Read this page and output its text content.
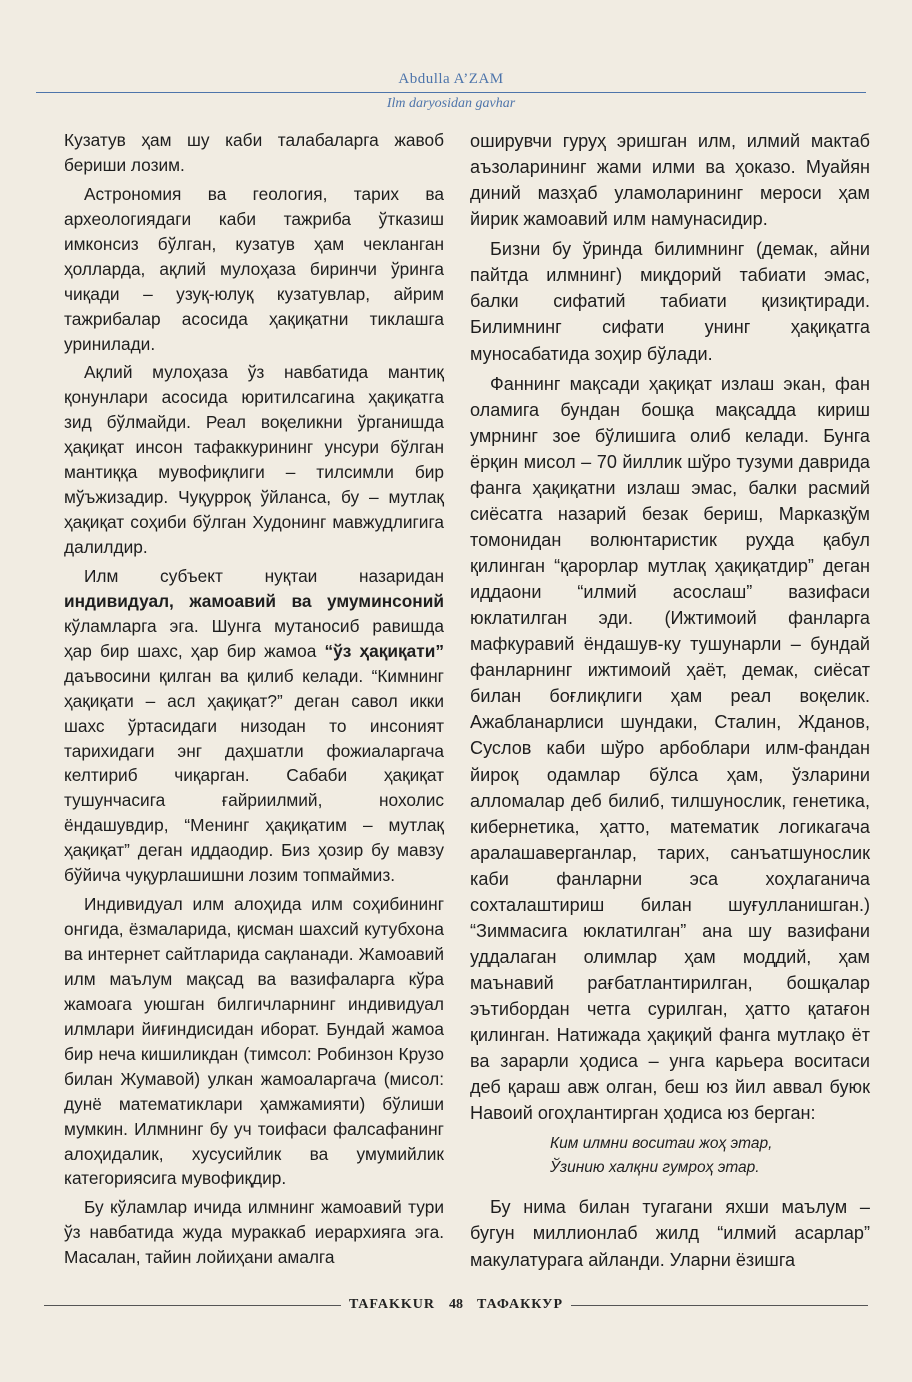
Abdulla A’ZAM
Ilm daryosidan gavhar

Кузатув ҳам шу каби талабаларга жавоб бериши лозим.

Астрономия ва геология, тарих ва археологиядаги каби тажриба ўтказиш имконсиз бўлган, кузатув ҳам чекланган ҳолларда, ақлий мулоҳаза биринчи ўринга чиқади – узуқ-юлуқ кузатувлар, айрим тажрибалар асосида ҳақиқатни тиклашга уринилади.

Ақлий мулоҳаза ўз навбатида мантиқ қонунлари асосида юритилсагина ҳақиқатга зид бўлмайди. Реал воқеликни ўрганишда ҳақиқат инсон тафаккурининг унсури бўлган мантиққа мувофиқлиги – тилсимли бир мўъжизадир. Чуқурроқ ўйланса, бу – мутлақ ҳақиқат соҳиби бўлган Худонинг мавжудлигига далилдир.

Илм субъект нуқтаи назаридан индивидуал, жамоавий ва умуминсоний кўламларга эга. Шунга мутаносиб равишда ҳар бир шахс, ҳар бир жамоа “ўз ҳақиқати” даъвосини қилган ва қилиб келади. “Кимнинг ҳақиқати – асл ҳақиқат?” деган савол икки шахс ўртасидаги низодан то инсоният тарихидаги энг даҳшатли фожиаларгача келтириб чиқарган. Сабаби ҳақиқат тушунчасига ғайриилмий, нохолис ёндашувдир, “Менинг ҳақиқатим – мутлақ ҳақиқат” деган иддаодир. Биз ҳозир бу мавзу бўйича чуқурлашишни лозим топмаймиз.

Индивидуал илм алоҳида илм соҳибининг онгида, ёзмаларида, қисман шахсий кутубхона ва интернет сайтларида сақланади. Жамоавий илм маълум мақсад ва вазифаларга кўра жамоага уюшган билгичларнинг индивидуал илмлари йиғиндисидан иборат. Бундай жамоа бир неча кишиликдан (тимсол: Робинзон Крузо билан Жумавой) улкан жамоаларгача (мисол: дунё математиклари ҳамжамияти) бўлиши мумкин. Илмнинг бу уч тоифаси фалсафанинг алоҳидалик, хусусийлик ва умумийлик категориясига мувофиқдир.

Бу кўламлар ичида илмнинг жамоавий тури ўз навбатида жуда мураккаб иерархияга эга. Масалан, тайин лойиҳани амалга

оширувчи гуруҳ эришган илм, илмий мактаб аъзоларининг жами илми ва ҳоказо. Муайян диний мазҳаб уламоларининг мероси ҳам йирик жамоавий илм намунасидир.

Бизни бу ўринда билимнинг (демак, айни пайтда илмнинг) миқдорий табиати эмас, балки сифатий табиати қизиқтиради. Билимнинг сифати унинг ҳақиқатга муносабатида зоҳир бўлади.

Фаннинг мақсади ҳақиқат излаш экан, фан оламига бундан бошқа мақсадда кириш умрнинг зое бўлишига олиб келади. Бунга ёрқин мисол – 70 йиллик шўро тузуми даврида фанга ҳақиқатни излаш эмас, балки расмий сиёсатга назарий безак бериш, Марказқўм томонидан волюнтаристик руҳда қабул қилинган “қарорлар мутлақ ҳақиқатдир” деган иддаони “илмий асослаш” вазифаси юклатилган эди. (Ижтимоий фанларга мафкуравий ёндашув-ку тушунарли – бундай фанларнинг ижтимоий ҳаёт, демак, сиёсат билан боғлиқлиги ҳам реал воқелик. Ажабланарлиси шундаки, Сталин, Жданов, Суслов каби шўро арбоблари илм-фандан йироқ одамлар бўлса ҳам, ўзларини алломалар деб билиб, тилшунослик, генетика, кибернетика, ҳатто, математик логикагача аралашаверганлар, тарих, санъатшунослик каби фанларни эса хоҳлаганича сохталаштириш билан шуғулланишган.) “Зиммасига юклатилган” ана шу вазифани уддалаган олимлар ҳам моддий, ҳам маънавий рағбатлантирилган, бошқалар эътибордан четга сурилган, ҳатто қатағон қилинган. Натижада ҳақиқий фанга мутлақо ёт ва зарарли ҳодиса – унга карьера воситаси деб қараш авж олган, беш юз йил аввал буюк Навоий огоҳлантирган ҳодиса юз берган:

Ким илмни воситаи жоҳ этар,
Ўзинию халқни гумроҳ этар.

Бу нима билан тугагани яхши маълум – бугун миллионлаб жилд “илмий асарлар” макулатурага айланди. Уларни ёзишга

TAFAKKUR 48 ТАФАККУР
